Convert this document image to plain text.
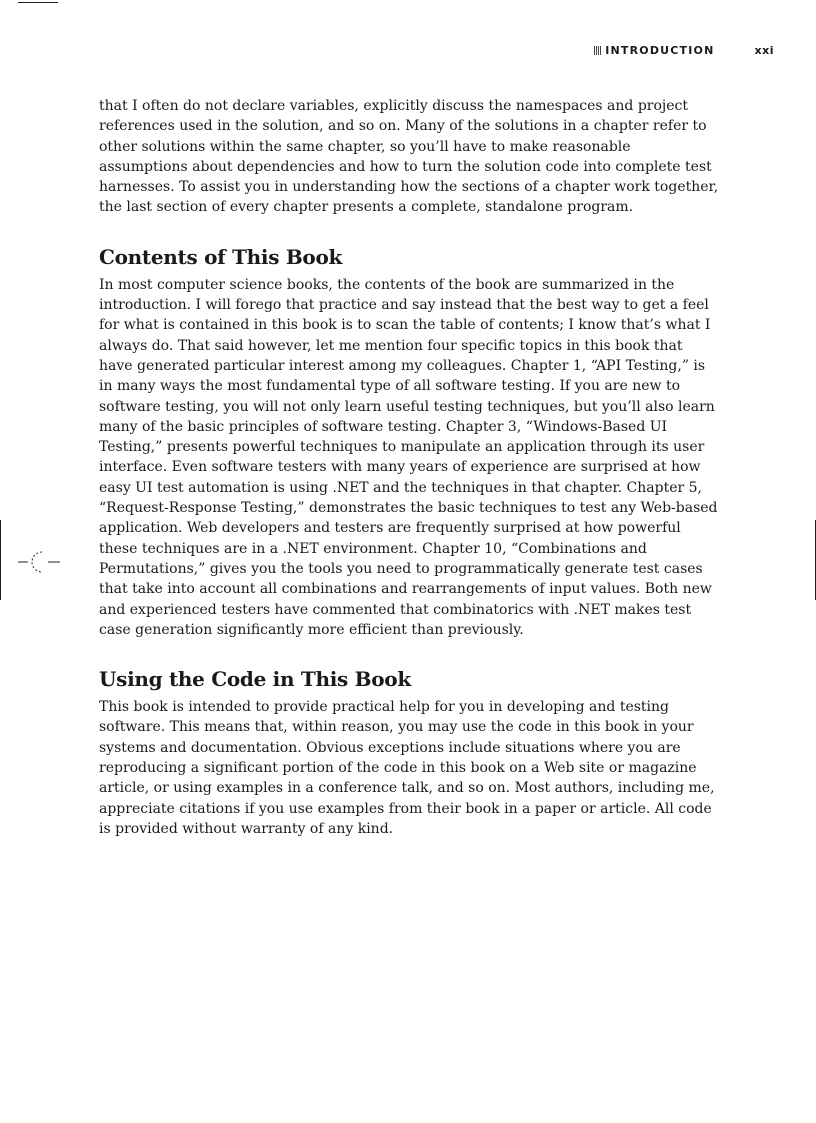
INTRODUCTION	xxi

that I often do not declare variables, explicitly discuss the namespaces and project references used in the solution, and so on. Many of the solutions in a chapter refer to other solutions within the same chapter, so you’ll have to make reasonable assumptions about dependencies and how to turn the solution code into complete test harnesses. To assist you in understanding how the sections of a chapter work together, the last section of every chapter presents a complete, standalone program.

Contents of This Book

In most computer science books, the contents of the book are summarized in the introduction. I will forego that practice and say instead that the best way to get a feel for what is contained in this book is to scan the table of contents; I know that’s what I always do. That said however, let me mention four specific topics in this book that have generated particular interest among my colleagues. Chapter 1, “API Testing,” is in many ways the most fundamental type of all software testing. If you are new to software testing, you will not only learn useful testing techniques, but you’ll also learn many of the basic principles of software testing. Chapter 3, “Windows-Based UI Testing,” presents powerful techniques to manipulate an application through its user interface. Even software testers with many years of experience are surprised at how easy UI test automation is using .NET and the techniques in that chapter. Chapter 5, “Request-Response Testing,” demonstrates the basic techniques to test any Web-based application. Web developers and testers are frequently surprised at how powerful these techniques are in a .NET environment. Chapter 10, “Combinations and Permutations,” gives you the tools you need to programmatically generate test cases that take into account all combinations and rearrangements of input values. Both new and experienced testers have commented that combinatorics with .NET makes test case generation significantly more efficient than previously.

Using the Code in This Book

This book is intended to provide practical help for you in developing and testing software. This means that, within reason, you may use the code in this book in your systems and documentation. Obvious exceptions include situations where you are reproducing a significant portion of the code in this book on a Web site or magazine article, or using examples in a conference talk, and so on. Most authors, including me, appreciate citations if you use examples from their book in a paper or article. All code is provided without warranty of any kind.
